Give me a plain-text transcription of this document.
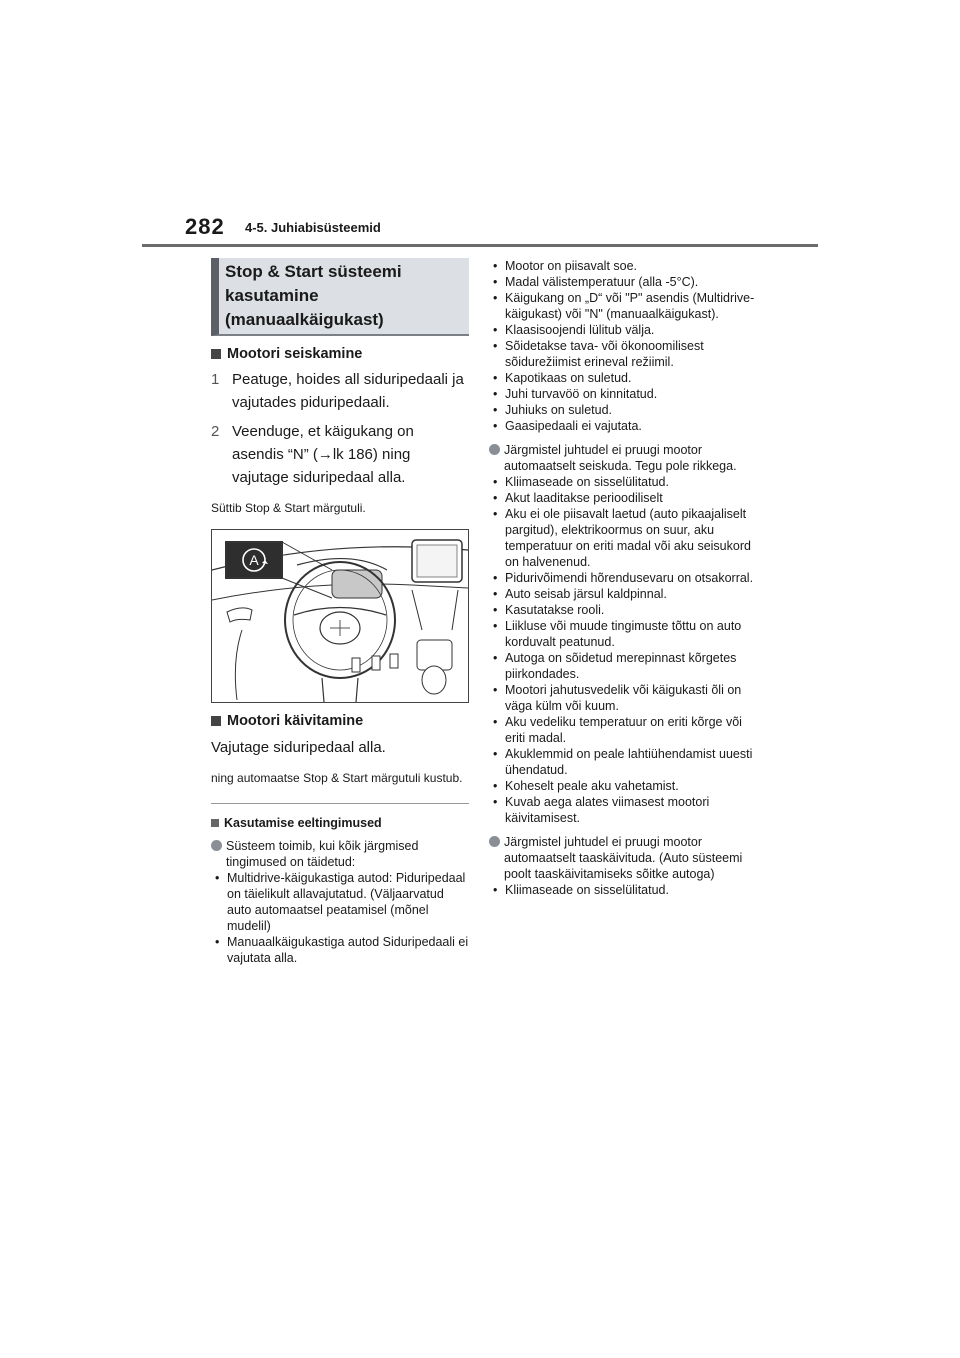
282 4-5. Juhiabisüsteemid
Stop & Start süsteemi
kasutamine
(manuaalkäigukast)
Mootori seiskamine
1 Peatuge, hoides all siduripedaali ja vajutades piduripedaali.
2 Veenduge, et käigukang on asendis “N” (→lk 186) ning vajutage siduripedaal alla.
Süttib Stop & Start märgutuli.
A
Mootori käivitamine
Vajutage siduripedaal alla.
ning automaatse Stop & Start märgutuli kustub.
Kasutamise eeltingimused
Süsteem toimib, kui kõik järgmised tingimused on täidetud:
• Multidrive-käigukastiga autod: Piduripedaal on täielikult allavajutatud. (Väljaarvatud auto automaatsel peatamisel (mõnel mudelil)
• Manuaalkäigukastiga autod Siduripedaali ei vajutata alla.
• Mootor on piisavalt soe.
• Madal välistemperatuur (alla -5°C).
• Käigukang on „D“ või "P" asendis (Multidrive-käigukast) või "N" (manuaalkäigukast).
• Klaasisoojendi lülitub välja.
• Sõidetakse tava- või ökonoomilisest sõidurežiimist erineval režiimil.
• Kapotikaas on suletud.
• Juhi turvavöö on kinnitatud.
• Juhiuks on suletud.
• Gaasipedaali ei vajutata.
Järgmistel juhtudel ei pruugi mootor automaatselt seiskuda. Tegu pole rikkega.
• Kliimaseade on sisselülitatud.
• Akut laaditakse perioodiliselt
• Aku ei ole piisavalt laetud (auto pikaajaliselt pargitud), elektrikoormus on suur, aku temperatuur on eriti madal või aku seisukord on halvenenud.
• Pidurivõimendi hõrendusevaru on otsakorral.
• Auto seisab järsul kaldpinnal.
• Kasutatakse rooli.
• Liikluse või muude tingimuste tõttu on auto korduvalt peatunud.
• Autoga on sõidetud merepinnast kõrgetes piirkondades.
• Mootori jahutusvedelik või käigukasti õli on väga külm või kuum.
• Aku vedeliku temperatuur on eriti kõrge või eriti madal.
• Akuklemmid on peale lahtiühendamist uuesti ühendatud.
• Koheselt peale aku vahetamist.
• Kuvab aega alates viimasest mootori käivitamisest.
Järgmistel juhtudel ei pruugi mootor automaatselt taaskäivituda. (Auto süsteemi poolt taaskäivitamiseks sõitke autoga)
• Kliimaseade on sisselülitatud.
